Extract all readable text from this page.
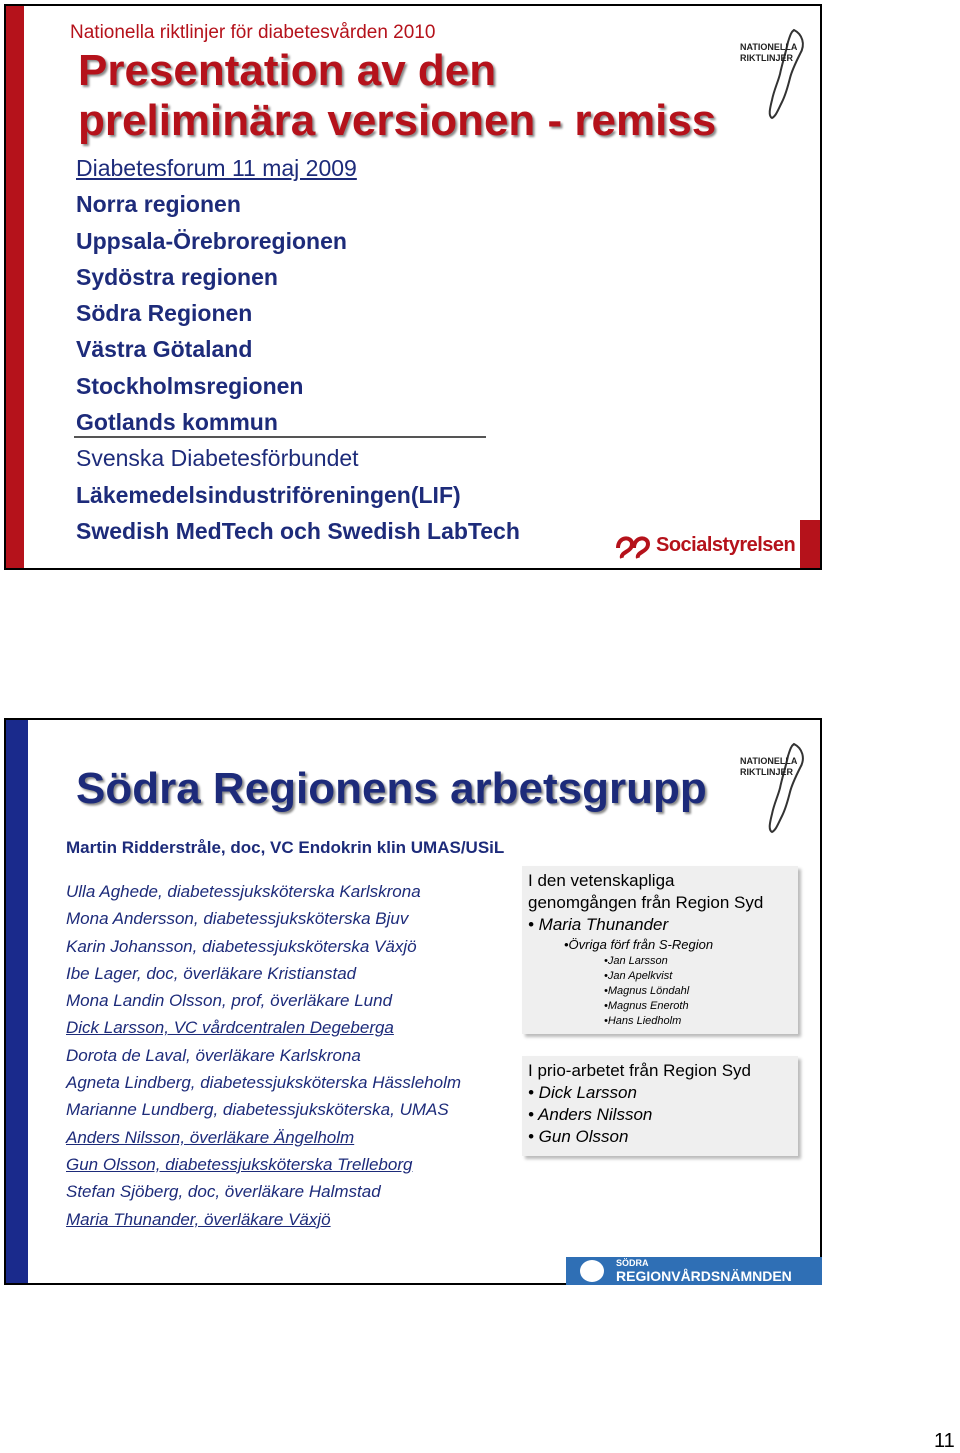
Nationella riktlinjer för diabetesvården 2010
Presentation av den
preliminära versionen - remiss
Diabetesforum 11 maj 2009
Norra regionen
Uppsala-Örebroregionen
Sydöstra regionen
Södra Regionen
Västra Götaland
Stockholmsregionen
Gotlands kommun
Svenska Diabetesförbundet
Läkemedelsindustriföreningen(LIF)
Swedish MedTech och Swedish LabTech
NATIONELLA
RIKTLINJER
Socialstyrelsen
Södra Regionens arbetsgrupp
NATIONELLA
RIKTLINJER
Martin Ridderstråle, doc, VC Endokrin klin UMAS/USiL
Ulla Aghede, diabetessjuksköterska Karlskrona
Mona Andersson, diabetessjuksköterska Bjuv
Karin Johansson, diabetessjuksköterska Växjö
Ibe Lager, doc, överläkare Kristianstad
Mona Landin Olsson, prof, överläkare Lund
Dick Larsson, VC vårdcentralen Degeberga
Dorota de Laval, överläkare Karlskrona
Agneta Lindberg, diabetessjuksköterska Hässleholm
Marianne Lundberg, diabetessjuksköterska, UMAS
Anders Nilsson, överläkare Ängelholm
Gun Olsson, diabetessjuksköterska Trelleborg
Stefan Sjöberg, doc, överläkare Halmstad
Maria Thunander, överläkare Växjö
I den vetenskapliga
genomgången från Region Syd
• Maria Thunander
•Övriga förf från S-Region
•Jan Larsson
•Jan Apelkvist
•Magnus Löndahl
•Magnus Eneroth
•Hans Liedholm
I prio-arbetet från Region Syd
• Dick Larsson
• Anders Nilsson
• Gun Olsson
SÖDRA
REGIONVÅRDSNÄMNDEN
11
